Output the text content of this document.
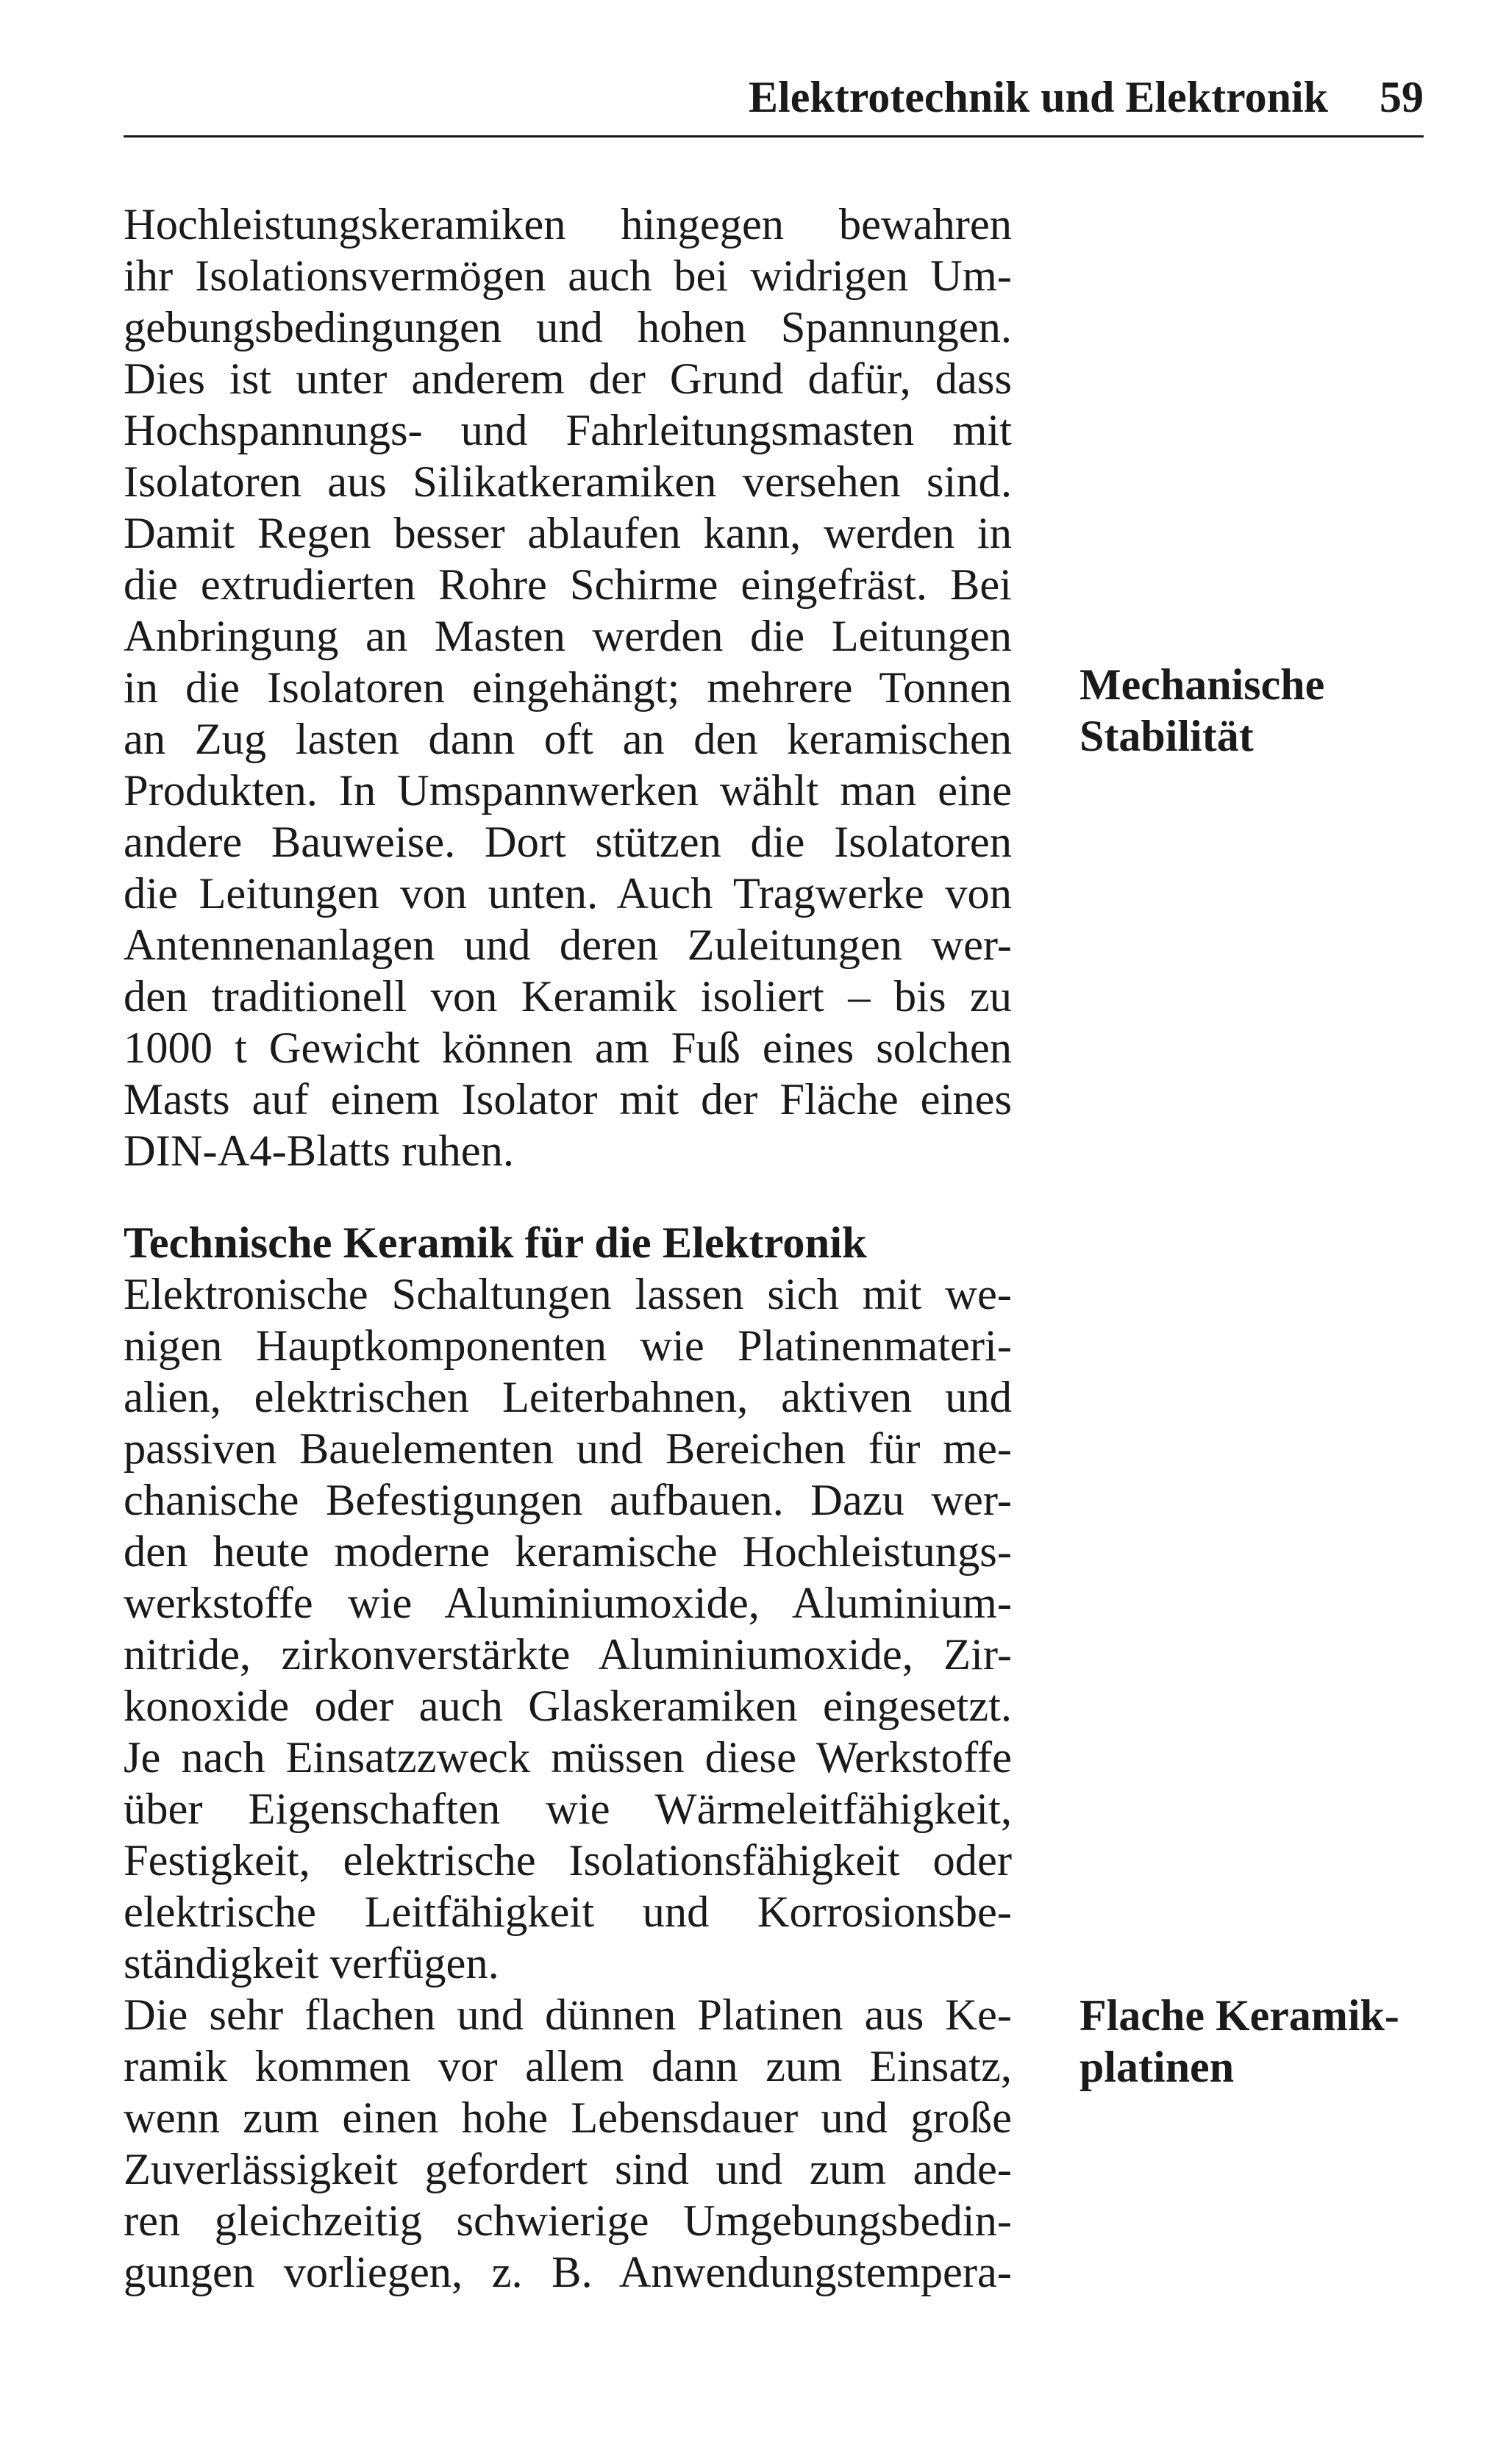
Elektrotechnik und Elektronik 59
Hochleistungskeramiken hingegen bewahren
ihr Isolationsvermögen auch bei widrigen Um-
gebungsbedingungen und hohen Spannungen.
Dies ist unter anderem der Grund dafür, dass
Hochspannungs- und Fahrleitungsmasten mit
Isolatoren aus Silikatkeramiken versehen sind.
Damit Regen besser ablaufen kann, werden in
die extrudierten Rohre Schirme eingefräst. Bei
Anbringung an Masten werden die Leitungen
in die Isolatoren eingehängt; mehrere Tonnen
an Zug lasten dann oft an den keramischen
Produkten. In Umspannwerken wählt man eine
andere Bauweise. Dort stützen die Isolatoren
die Leitungen von unten. Auch Tragwerke von
Antennenanlagen und deren Zuleitungen wer-
den traditionell von Keramik isoliert – bis zu
1000 t Gewicht können am Fuß eines solchen
Masts auf einem Isolator mit der Fläche eines
DIN-A4-Blatts ruhen.
Technische Keramik für die Elektronik
Elektronische Schaltungen lassen sich mit we-
nigen Hauptkomponenten wie Platinenmateri-
alien, elektrischen Leiterbahnen, aktiven und
passiven Bauelementen und Bereichen für me-
chanische Befestigungen aufbauen. Dazu wer-
den heute moderne keramische Hochleistungs-
werkstoffe wie Aluminiumoxide, Aluminium-
nitride, zirkonverstärkte Aluminiumoxide, Zir-
konoxide oder auch Glaskeramiken eingesetzt.
Je nach Einsatzzweck müssen diese Werkstoffe
über Eigenschaften wie Wärmeleitfähigkeit,
Festigkeit, elektrische Isolationsfähigkeit oder
elektrische Leitfähigkeit und Korrosionsbe-
ständigkeit verfügen.
Die sehr flachen und dünnen Platinen aus Ke-
ramik kommen vor allem dann zum Einsatz,
wenn zum einen hohe Lebensdauer und große
Zuverlässigkeit gefordert sind und zum ande-
ren gleichzeitig schwierige Umgebungsbedin-
gungen vorliegen, z. B. Anwendungstempera-
Mechanische
Stabilität
Flache Keramik-
platinen
